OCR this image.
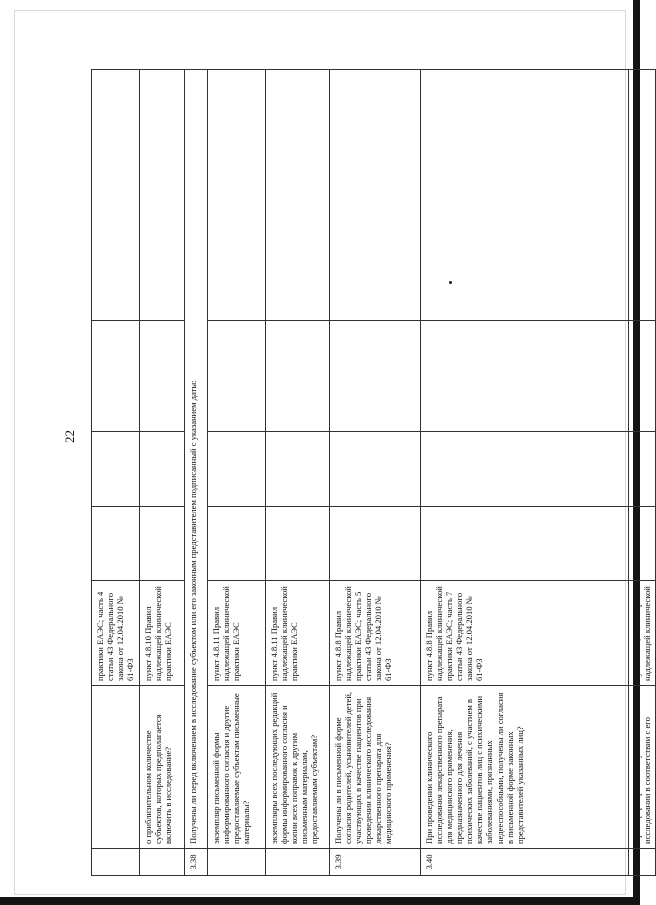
22
		практики ЕАЭС; часть 4 статьи 43 Федерального закона от 12.04.2010 № 61-ФЗ				
	о приблизительном количестве субъектов, которых предполагается включить в исследование?	пункт 4.8.10 Правил надлежащей клинической практики ЕАЭС				
3.38	Получены ли перед включением в исследование субъектом или его законным представителем подписанный с указанием даты:					
	экземпляр письменной формы информированного согласия и другие предоставляемые субъектам письменные материалы?	пункт 4.8.11 Правил надлежащей клинической практики ЕАЭС				
	экземпляры всех последующих редакций формы информированного согласия и копии всех поправок к другим письменным материалам, предоставляемым субъектам?	пункт 4.8.11 Правил надлежащей клинической практики ЕАЭС				
3.39	Получены ли в письменной форме согласия родителей, усыновителей детей, участвующих в качестве пациентов при проведении клинического исследования лекарственного препарата для медицинского применения?	пункт 4.8.8 Правил надлежащей клинической практики ЕАЭС; часть 5 статьи 43 Федерального закона от 12.04.2010 № 61-ФЗ				
3.40	При проведении клинического исследования лекарственного препарата для медицинского применения, предназначенного для лечения психических заболеваний, с участием в качестве пациентов лиц с психическими заболеваниями, признанных недееспособными, получены ли согласия в письменной форме законных представителей указанных лиц?	пункт 4.8.8 Правил надлежащей клинической практики ЕАЭС; часть 7 статьи 43 Федерального закона от 12.04.2010 № 61-ФЗ				
3.41	Проинформирован ли субъект об исследовании в соответствии с его	пункты 2.9, 4.8.12 Правил надлежащей клинической				
